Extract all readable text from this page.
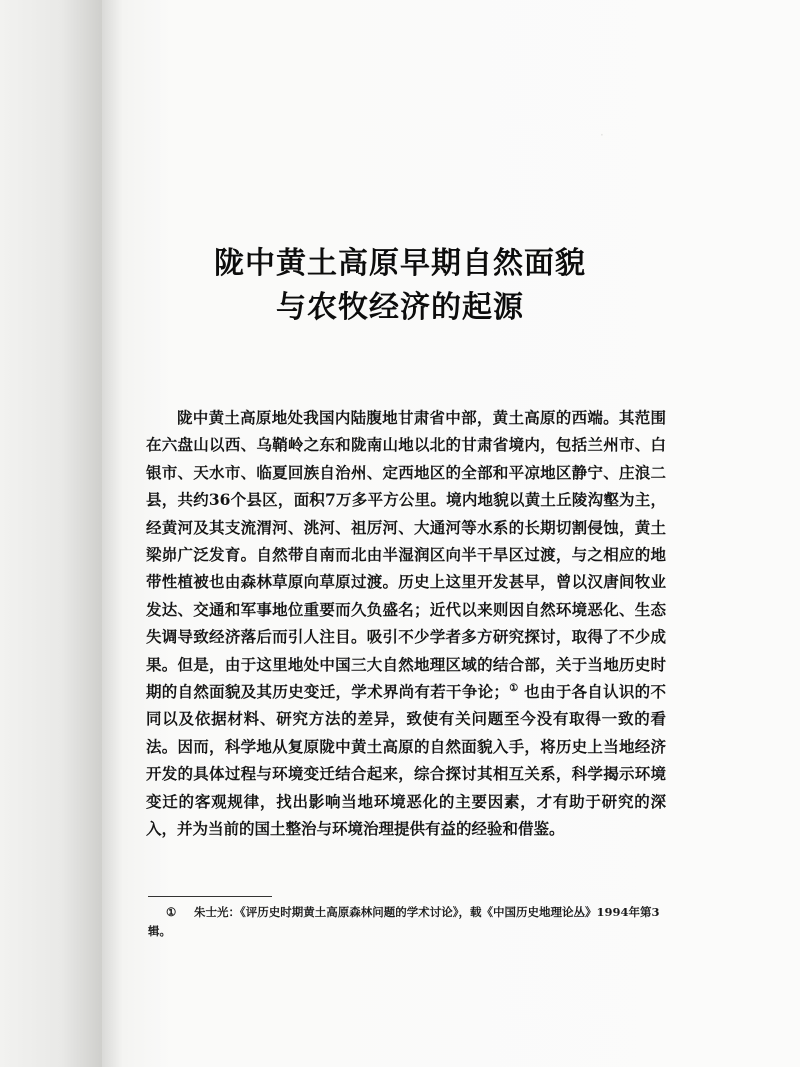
·
陇中黄土高原早期自然面貌
与农牧经济的起源

陇中黄土高原地处我国内陆腹地甘肃省中部，黄土高原的西端。其范围在六盘山以西、乌鞘岭之东和陇南山地以北的甘肃省境内，包括兰州市、白银市、天水市、临夏回族自治州、定西地区的全部和平凉地区静宁、庄浪二县，共约36个县区，面积7万多平方公里。境内地貌以黄土丘陵沟壑为主，经黄河及其支流渭河、洮河、祖厉河、大通河等水系的长期切割侵蚀，黄土梁峁广泛发育。自然带自南而北由半湿润区向半干旱区过渡，与之相应的地带性植被也由森林草原向草原过渡。历史上这里开发甚早，曾以汉唐间牧业发达、交通和军事地位重要而久负盛名；近代以来则因自然环境恶化、生态失调导致经济落后而引人注目。吸引不少学者多方研究探讨，取得了不少成果。但是，由于这里地处中国三大自然地理区域的结合部，关于当地历史时期的自然面貌及其历史变迁，学术界尚有若干争论；① 也由于各自认识的不同以及依据材料、研究方法的差异，致使有关问题至今没有取得一致的看法。因而，科学地从复原陇中黄土高原的自然面貌入手，将历史上当地经济开发的具体过程与环境变迁结合起来，综合探讨其相互关系，科学揭示环境变迁的客观规律，找出影响当地环境恶化的主要因素，才有助于研究的深入，并为当前的国土整治与环境治理提供有益的经验和借鉴。

① 朱士光：《评历史时期黄土高原森林问题的学术讨论》，载《中国历史地理论丛》1994年第3辑。
